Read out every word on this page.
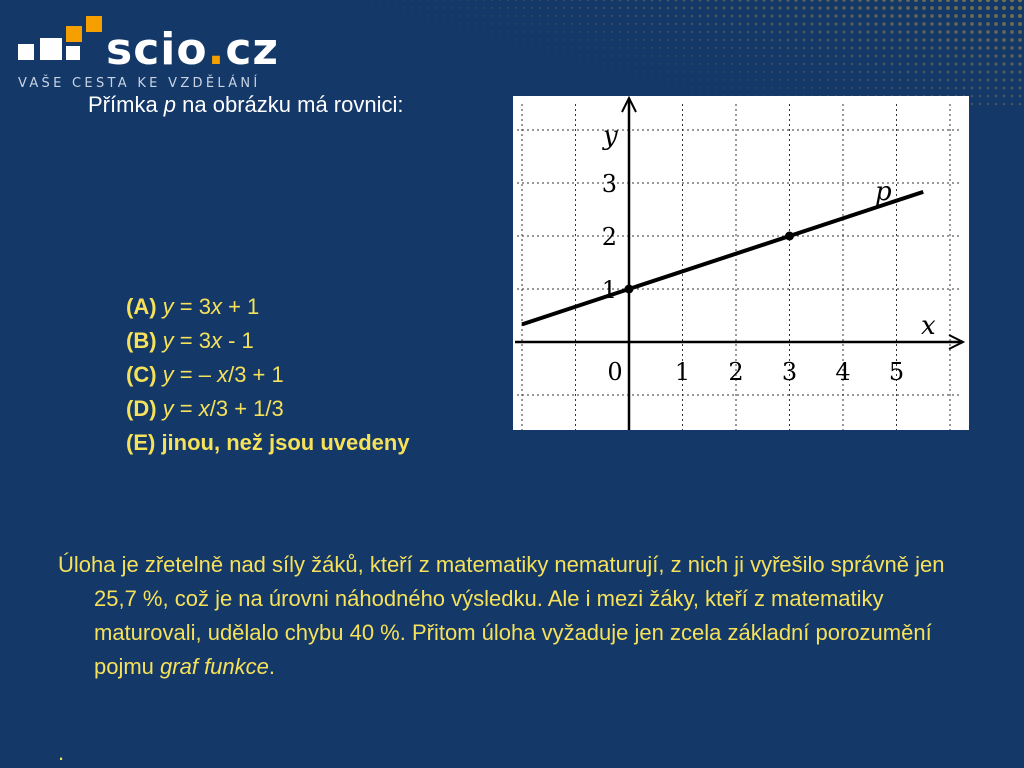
scio.cz
VAŠE CESTA KE VZDĚLÁNÍ
Přímka p na obrázku má rovnici:
(A) y = 3x + 1
(B) y = 3x - 1
(C) y = – x/3 + 1
(D) y = x/3 + 1/3
(E) jinou, než jsou uvedeny
1 2 3 4 5
1
2
3
0
x
y
p
Úloha je zřetelně nad síly žáků, kteří z matematiky nematurují, z nich ji vyřešilo správně jen 25,7 %, což je na úrovni náhodného výsledku. Ale i mezi žáky, kteří z matematiky maturovali, udělalo chybu 40 %. Přitom úloha vyžaduje jen zcela základní porozumění pojmu graf funkce.
.
